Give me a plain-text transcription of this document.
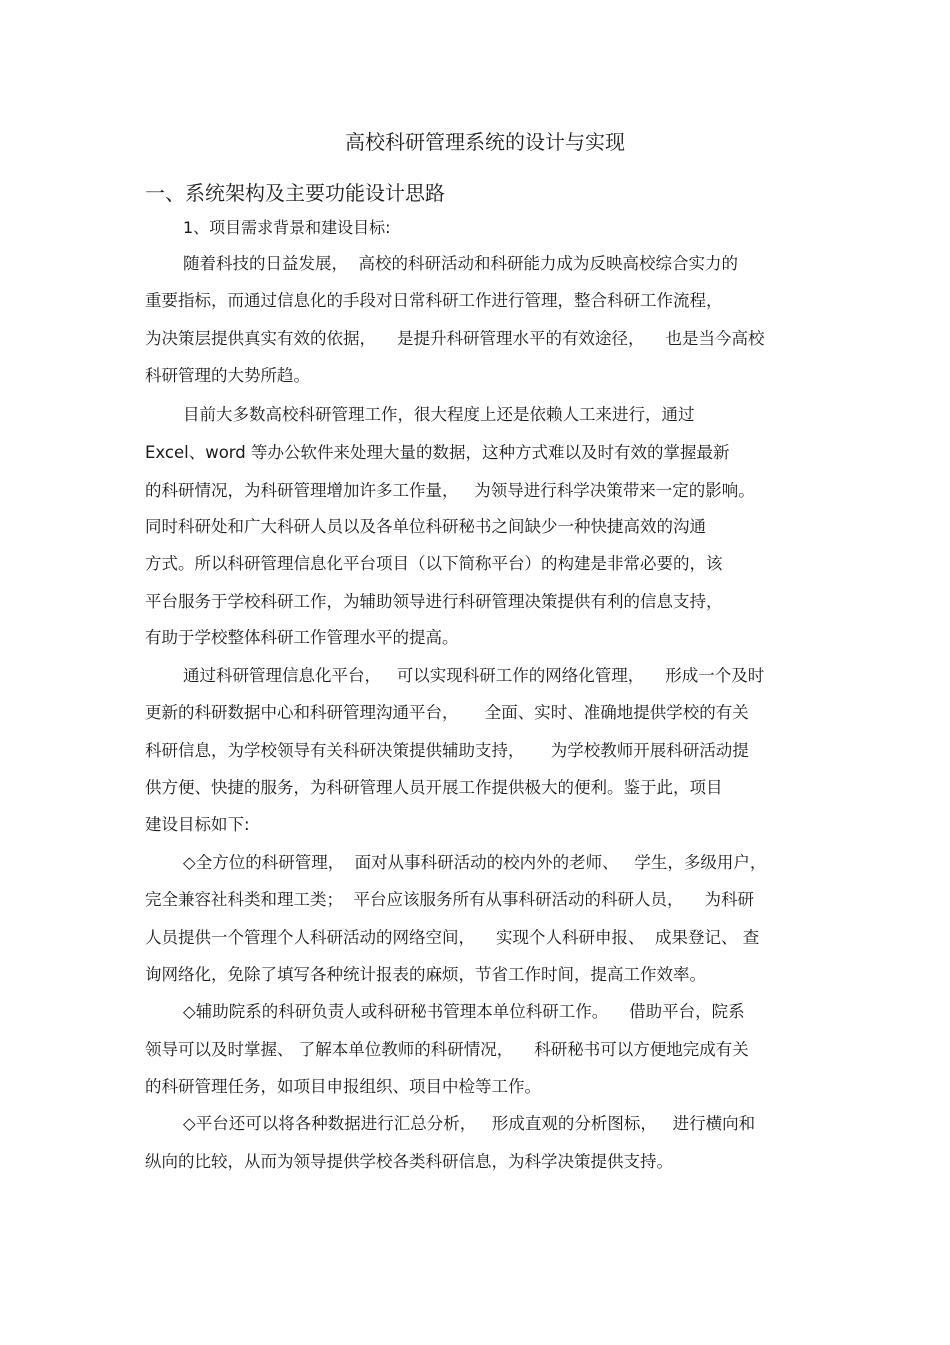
高校科研管理系统的设计与实现
一、系统架构及主要功能设计思路
1、项目需求背景和建设目标:

随着科技的日益发展，  高校的科研活动和科研能力成为反映高校综合实力的

重要指标，而通过信息化的手段对日常科研工作进行管理，整合科研工作流程，

为决策层提供真实有效的依据，    是提升科研管理水平的有效途径，    也是当今高校

科研管理的大势所趋。

目前大多数高校科研管理工作，很大程度上还是依赖人工来进行，通过

Excel、word 等办公软件来处理大量的数据，这种方式难以及时有效的掌握最新

的科研情况，为科研管理增加许多工作量，   为领导进行科学决策带来一定的影响。

同时科研处和广大科研人员以及各单位科研秘书之间缺少一种快捷高效的沟通

方式。所以科研管理信息化平台项目（以下简称平台）的构建是非常必要的，该

平台服务于学校科研工作，为辅助领导进行科研管理决策提供有利的信息支持，

有助于学校整体科研工作管理水平的提高。

通过科研管理信息化平台，   可以实现科研工作的网络化管理，    形成一个及时

更新的科研数据中心和科研管理沟通平台，     全面、实时、准确地提供学校的有关

科研信息，为学校领导有关科研决策提供辅助支持，     为学校教师开展科研活动提

供方便、快捷的服务，为科研管理人员开展工作提供极大的便利。鉴于此，项目

建设目标如下:

◇全方位的科研管理，  面对从事科研活动的校内外的老师、   学生，多级用户，

完全兼容社科类和理工类；  平台应该服务所有从事科研活动的科研人员，    为科研

人员提供一个管理个人科研活动的网络空间，    实现个人科研申报、  成果登记、 查

询网络化，免除了填写各种统计报表的麻烦，节省工作时间，提高工作效率。

◇辅助院系的科研负责人或科研秘书管理本单位科研工作。    借助平台，院系

领导可以及时掌握、 了解本单位教师的科研情况，    科研秘书可以方便地完成有关

的科研管理任务，如项目申报组织、项目中检等工作。

◇平台还可以将各种数据进行汇总分析，   形成直观的分析图标，   进行横向和

纵向的比较，从而为领导提供学校各类科研信息，为科学决策提供支持。
